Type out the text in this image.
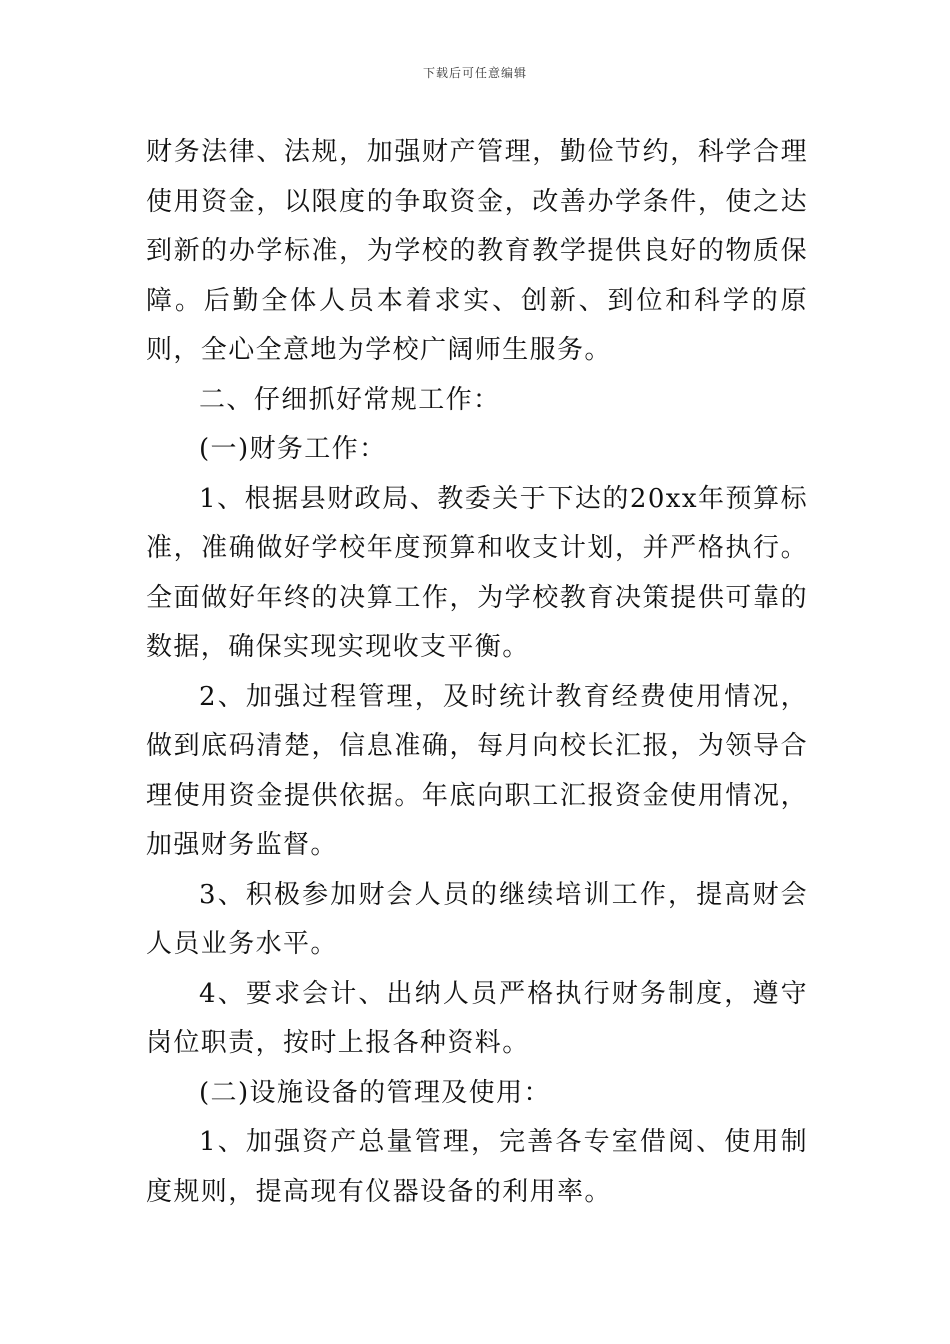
下载后可任意编辑

财务法律、法规，加强财产管理，勤俭节约，科学合理使用资金，以限度的争取资金，改善办学条件，使之达到新的办学标准，为学校的教育教学提供良好的物质保障。后勤全体人员本着求实、创新、到位和科学的原则，全心全意地为学校广阔师生服务。

二、仔细抓好常规工作：

(一)财务工作：

1、根据县财政局、教委关于下达的20xx年预算标准，准确做好学校年度预算和收支计划，并严格执行。全面做好年终的决算工作，为学校教育决策提供可靠的数据，确保实现实现收支平衡。

2、加强过程管理，及时统计教育经费使用情况，做到底码清楚，信息准确，每月向校长汇报，为领导合理使用资金提供依据。年底向职工汇报资金使用情况，加强财务监督。

3、积极参加财会人员的继续培训工作，提高财会人员业务水平。

4、要求会计、出纳人员严格执行财务制度，遵守岗位职责，按时上报各种资料。

(二)设施设备的管理及使用：

1、加强资产总量管理，完善各专室借阅、使用制度规则，提高现有仪器设备的利用率。
